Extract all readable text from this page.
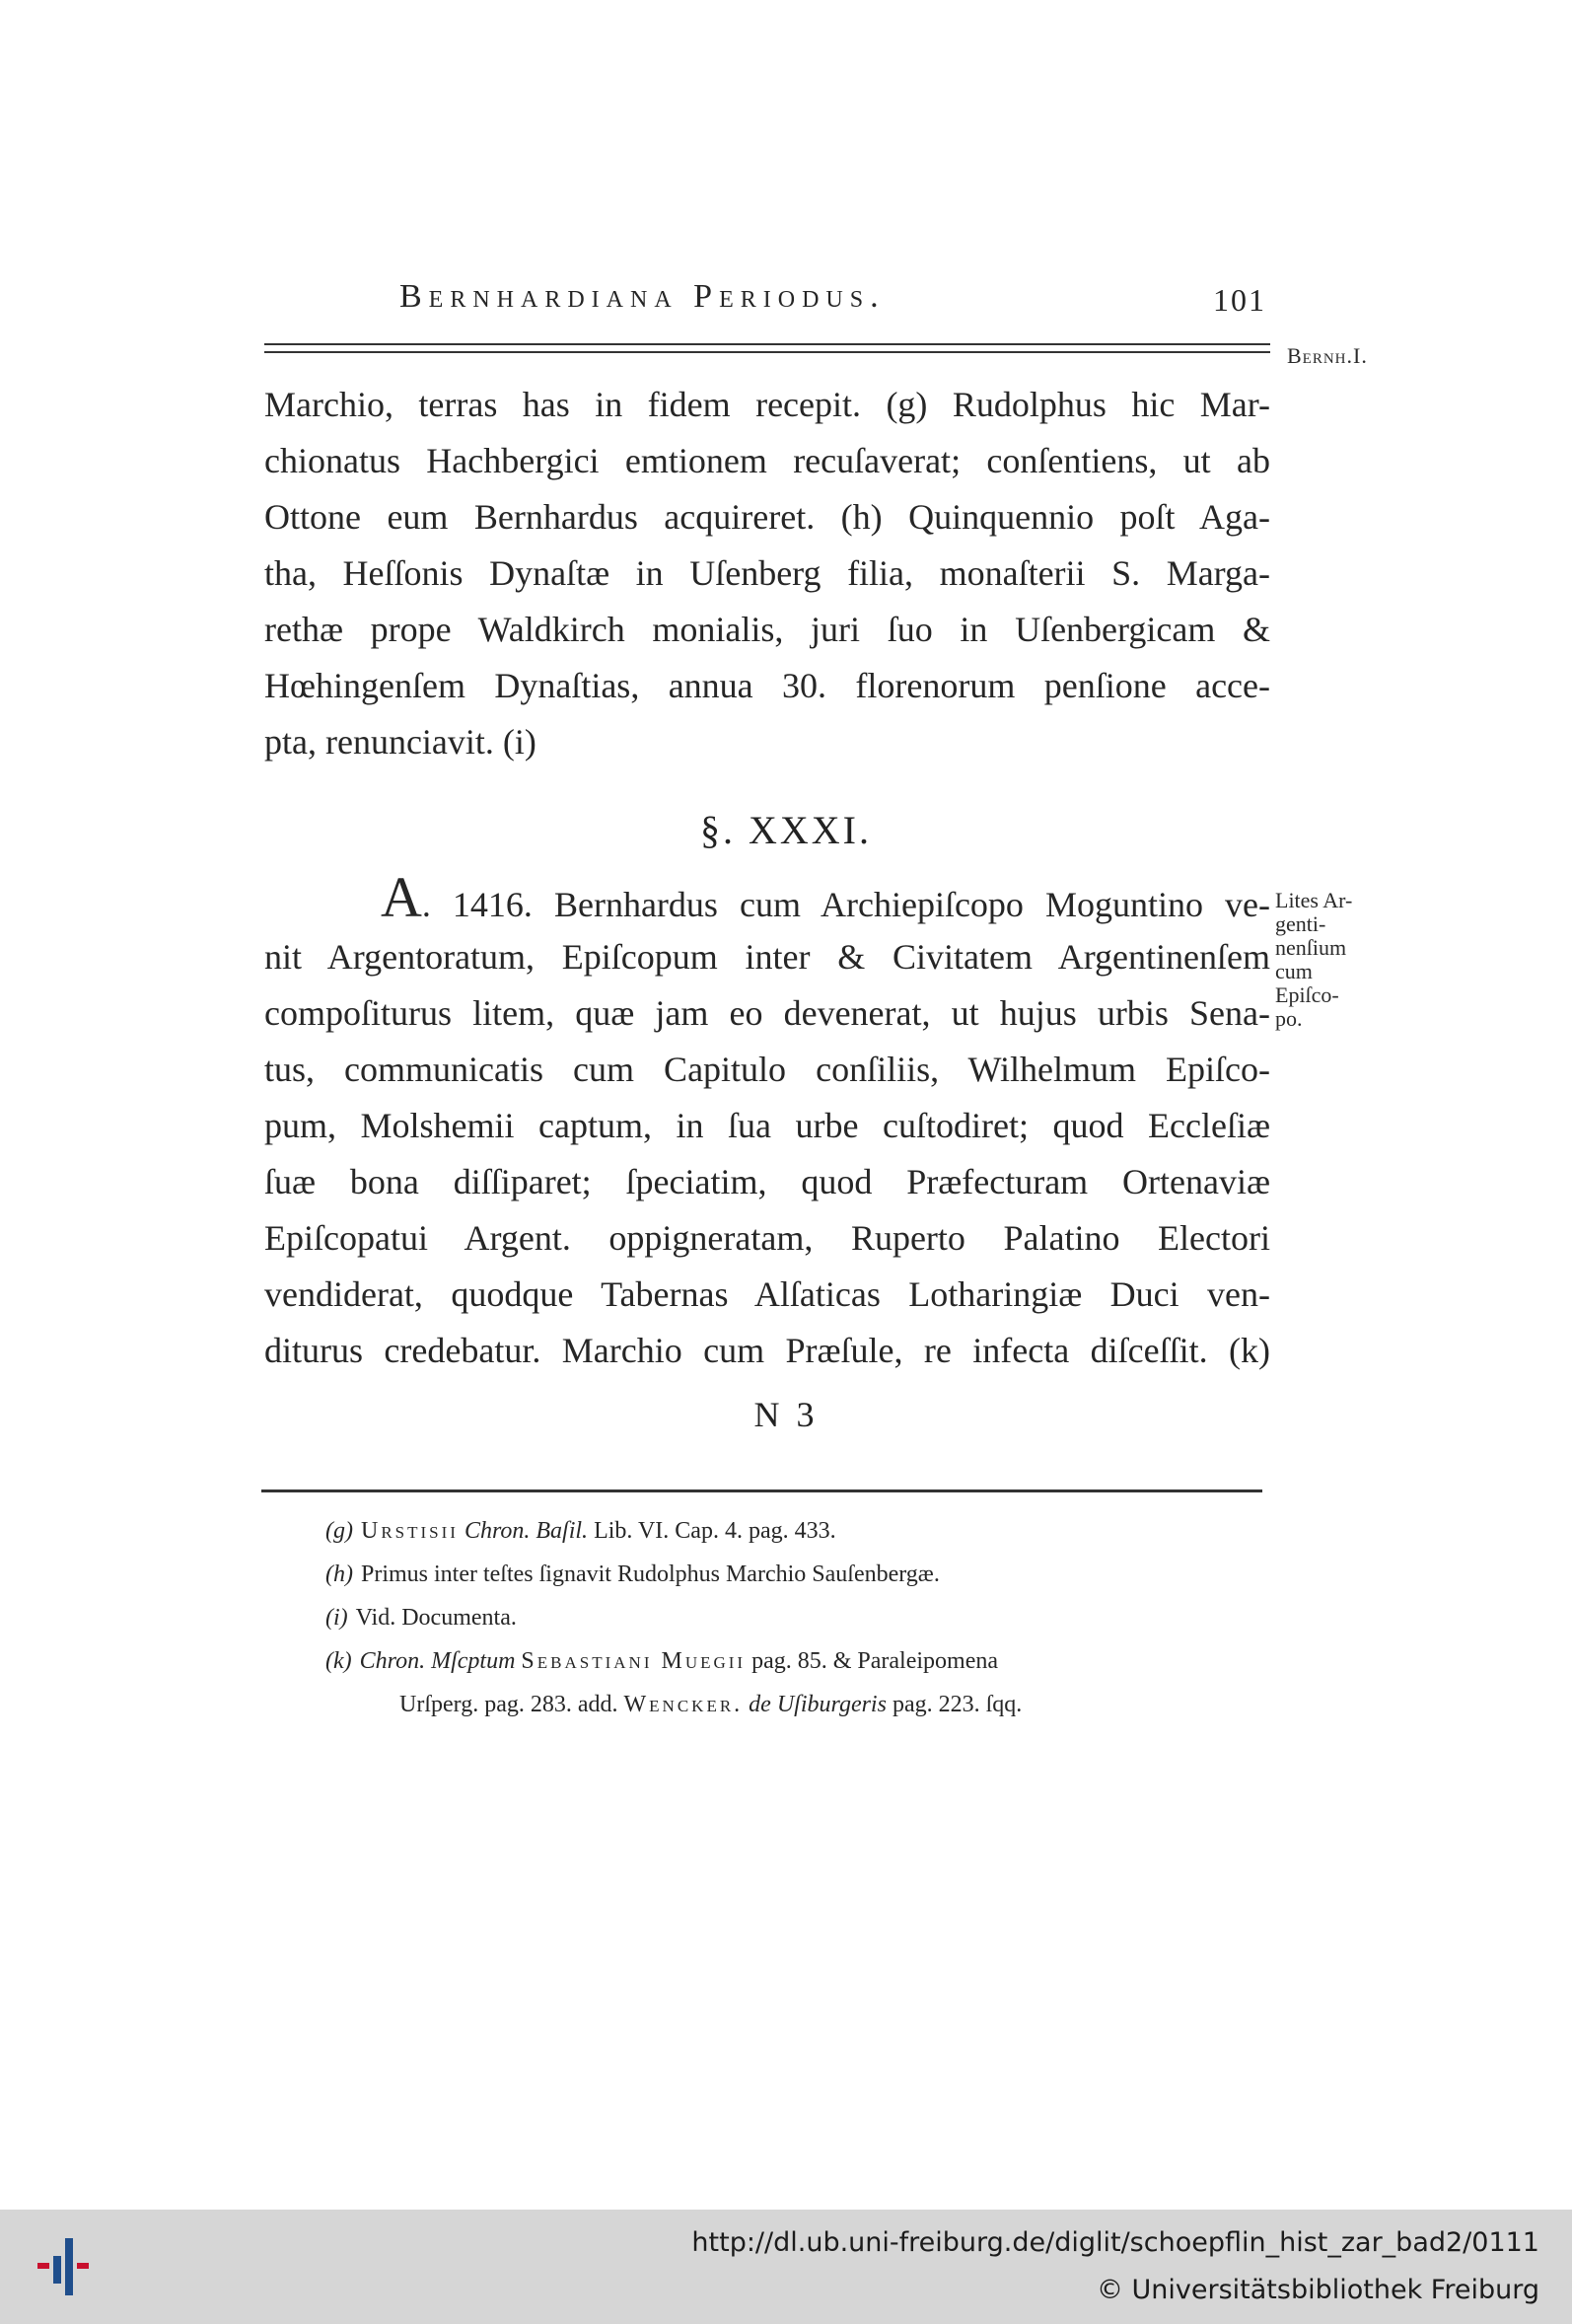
Bernhardiana Periodus.	101
Bernh.I.
Marchio, terras has in fidem recepit. (g) Rudolphus hic Mar-
chionatus Hachbergici emtionem recuſaverat; conſentiens, ut ab
Ottone eum Bernhardus acquireret. (h) Quinquennio poſt Aga-
tha, Heſſonis Dynaſtæ in Uſenberg filia, monaſterii S. Marga-
rethæ prope Waldkirch monialis, juri ſuo in Uſenbergicam &
Hœhingenſem Dynaſtias, annua 30. florenorum penſione acce-
pta, renunciavit. (i)
§. XXXI.
A. 1416. Bernhardus cum Archiepiſcopo Moguntino ve-
nit Argentoratum, Epiſcopum inter & Civitatem Argentinenſem
compoſiturus litem, quæ jam eo devenerat, ut hujus urbis Sena-
tus, communicatis cum Capitulo conſiliis, Wilhelmum Epiſco-
pum, Molshemii captum, in ſua urbe cuſtodiret; quod Eccleſiæ
ſuæ bona diſſiparet; ſpeciatim, quod Præfecturam Ortenaviæ
Epiſcopatui Argent. oppigneratam, Ruperto Palatino Electori
vendiderat, quodque Tabernas Alſaticas Lotharingiæ Duci ven-
diturus credebatur. Marchio cum Præſule, re infecta diſceſſit. (k)
Lites Ar-
genti-
nenſium
cum
Epiſco-
po.
N 3
(g) Urstisii Chron. Baſil. Lib. VI. Cap. 4. pag. 433.
(h) Primus inter teſtes ſignavit Rudolphus Marchio Sauſenbergæ.
(i) Vid. Documenta.
(k) Chron. Mſcptum Sebastiani Muegii pag. 85. & Paraleipomena
Urſperg. pag. 283. add. Wencker. de Uſiburgeris pag. 223. ſqq.
http://dl.ub.uni-freiburg.de/diglit/schoepflin_hist_zar_bad2/0111
© Universitätsbibliothek Freiburg
